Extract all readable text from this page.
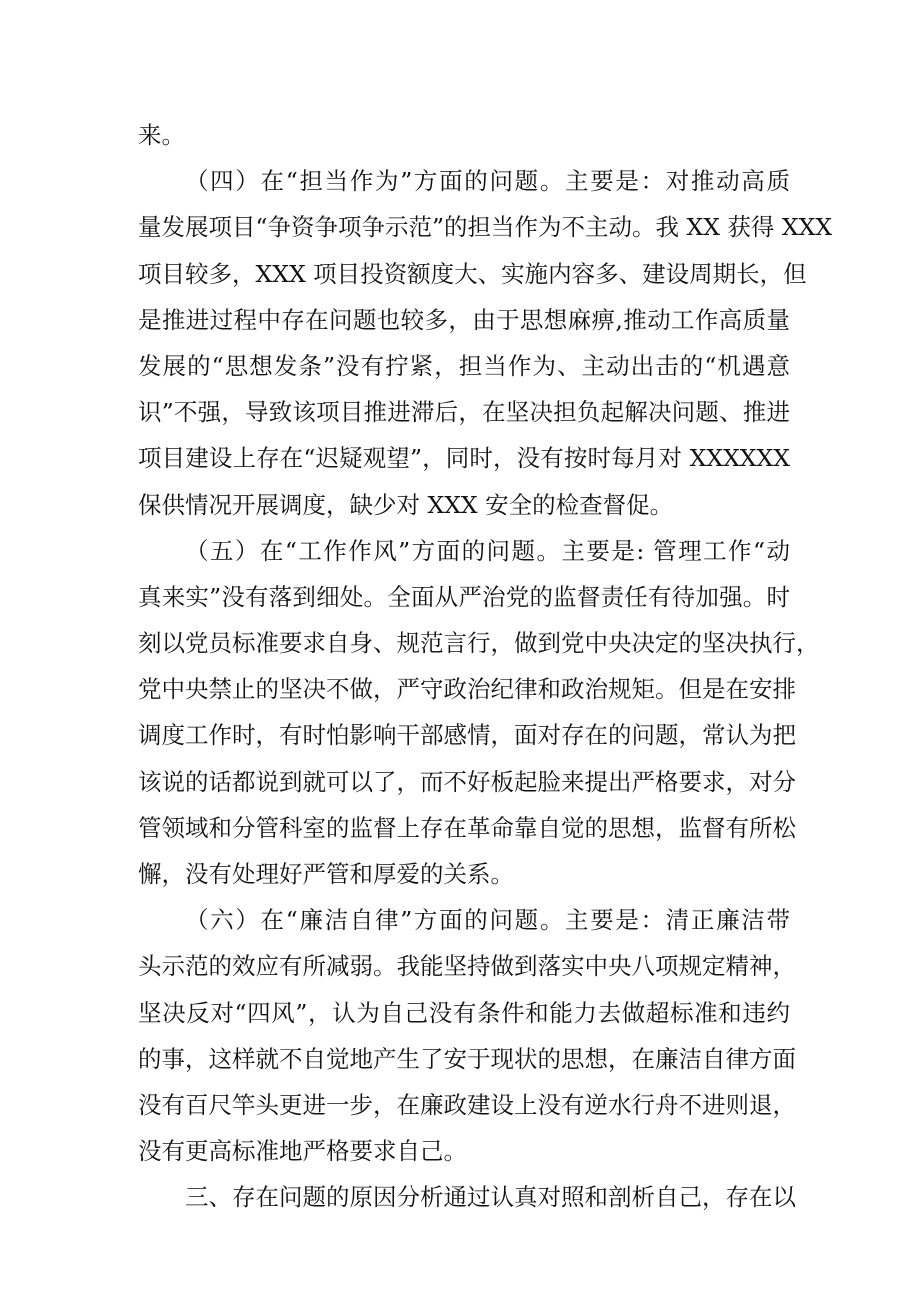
来。
（四）在“担当作为”方面的问题。主要是：对推动高质
量发展项目“争资争项争示范”的担当作为不主动。我 XX 获得 XXX
项目较多，XXX 项目投资额度大、实施内容多、建设周期长，但
是推进过程中存在问题也较多，由于思想麻痹,推动工作高质量
发展的“思想发条”没有拧紧，担当作为、主动出击的“机遇意
识”不强，导致该项目推进滞后，在坚决担负起解决问题、推进
项目建设上存在“迟疑观望”，同时，没有按时每月对 XXXXXX
保供情况开展调度，缺少对 XXX 安全的检查督促。
（五）在“工作作风”方面的问题。主要是: 管理工作“动
真来实”没有落到细处。全面从严治党的监督责任有待加强。时
刻以党员标准要求自身、规范言行，做到党中央决定的坚决执行，
党中央禁止的坚决不做，严守政治纪律和政治规矩。但是在安排
调度工作时，有时怕影响干部感情，面对存在的问题，常认为把
该说的话都说到就可以了，而不好板起脸来提出严格要求，对分
管领域和分管科室的监督上存在革命靠自觉的思想，监督有所松
懈，没有处理好严管和厚爱的关系。
（六）在“廉洁自律”方面的问题。主要是：清正廉洁带
头示范的效应有所减弱。我能坚持做到落实中央八项规定精神，
坚决反对“四风”，认为自己没有条件和能力去做超标准和违约
的事，这样就不自觉地产生了安于现状的思想，在廉洁自律方面
没有百尺竿头更进一步，在廉政建设上没有逆水行舟不进则退，
没有更高标准地严格要求自己。
三、存在问题的原因分析通过认真对照和剖析自己，存在以
